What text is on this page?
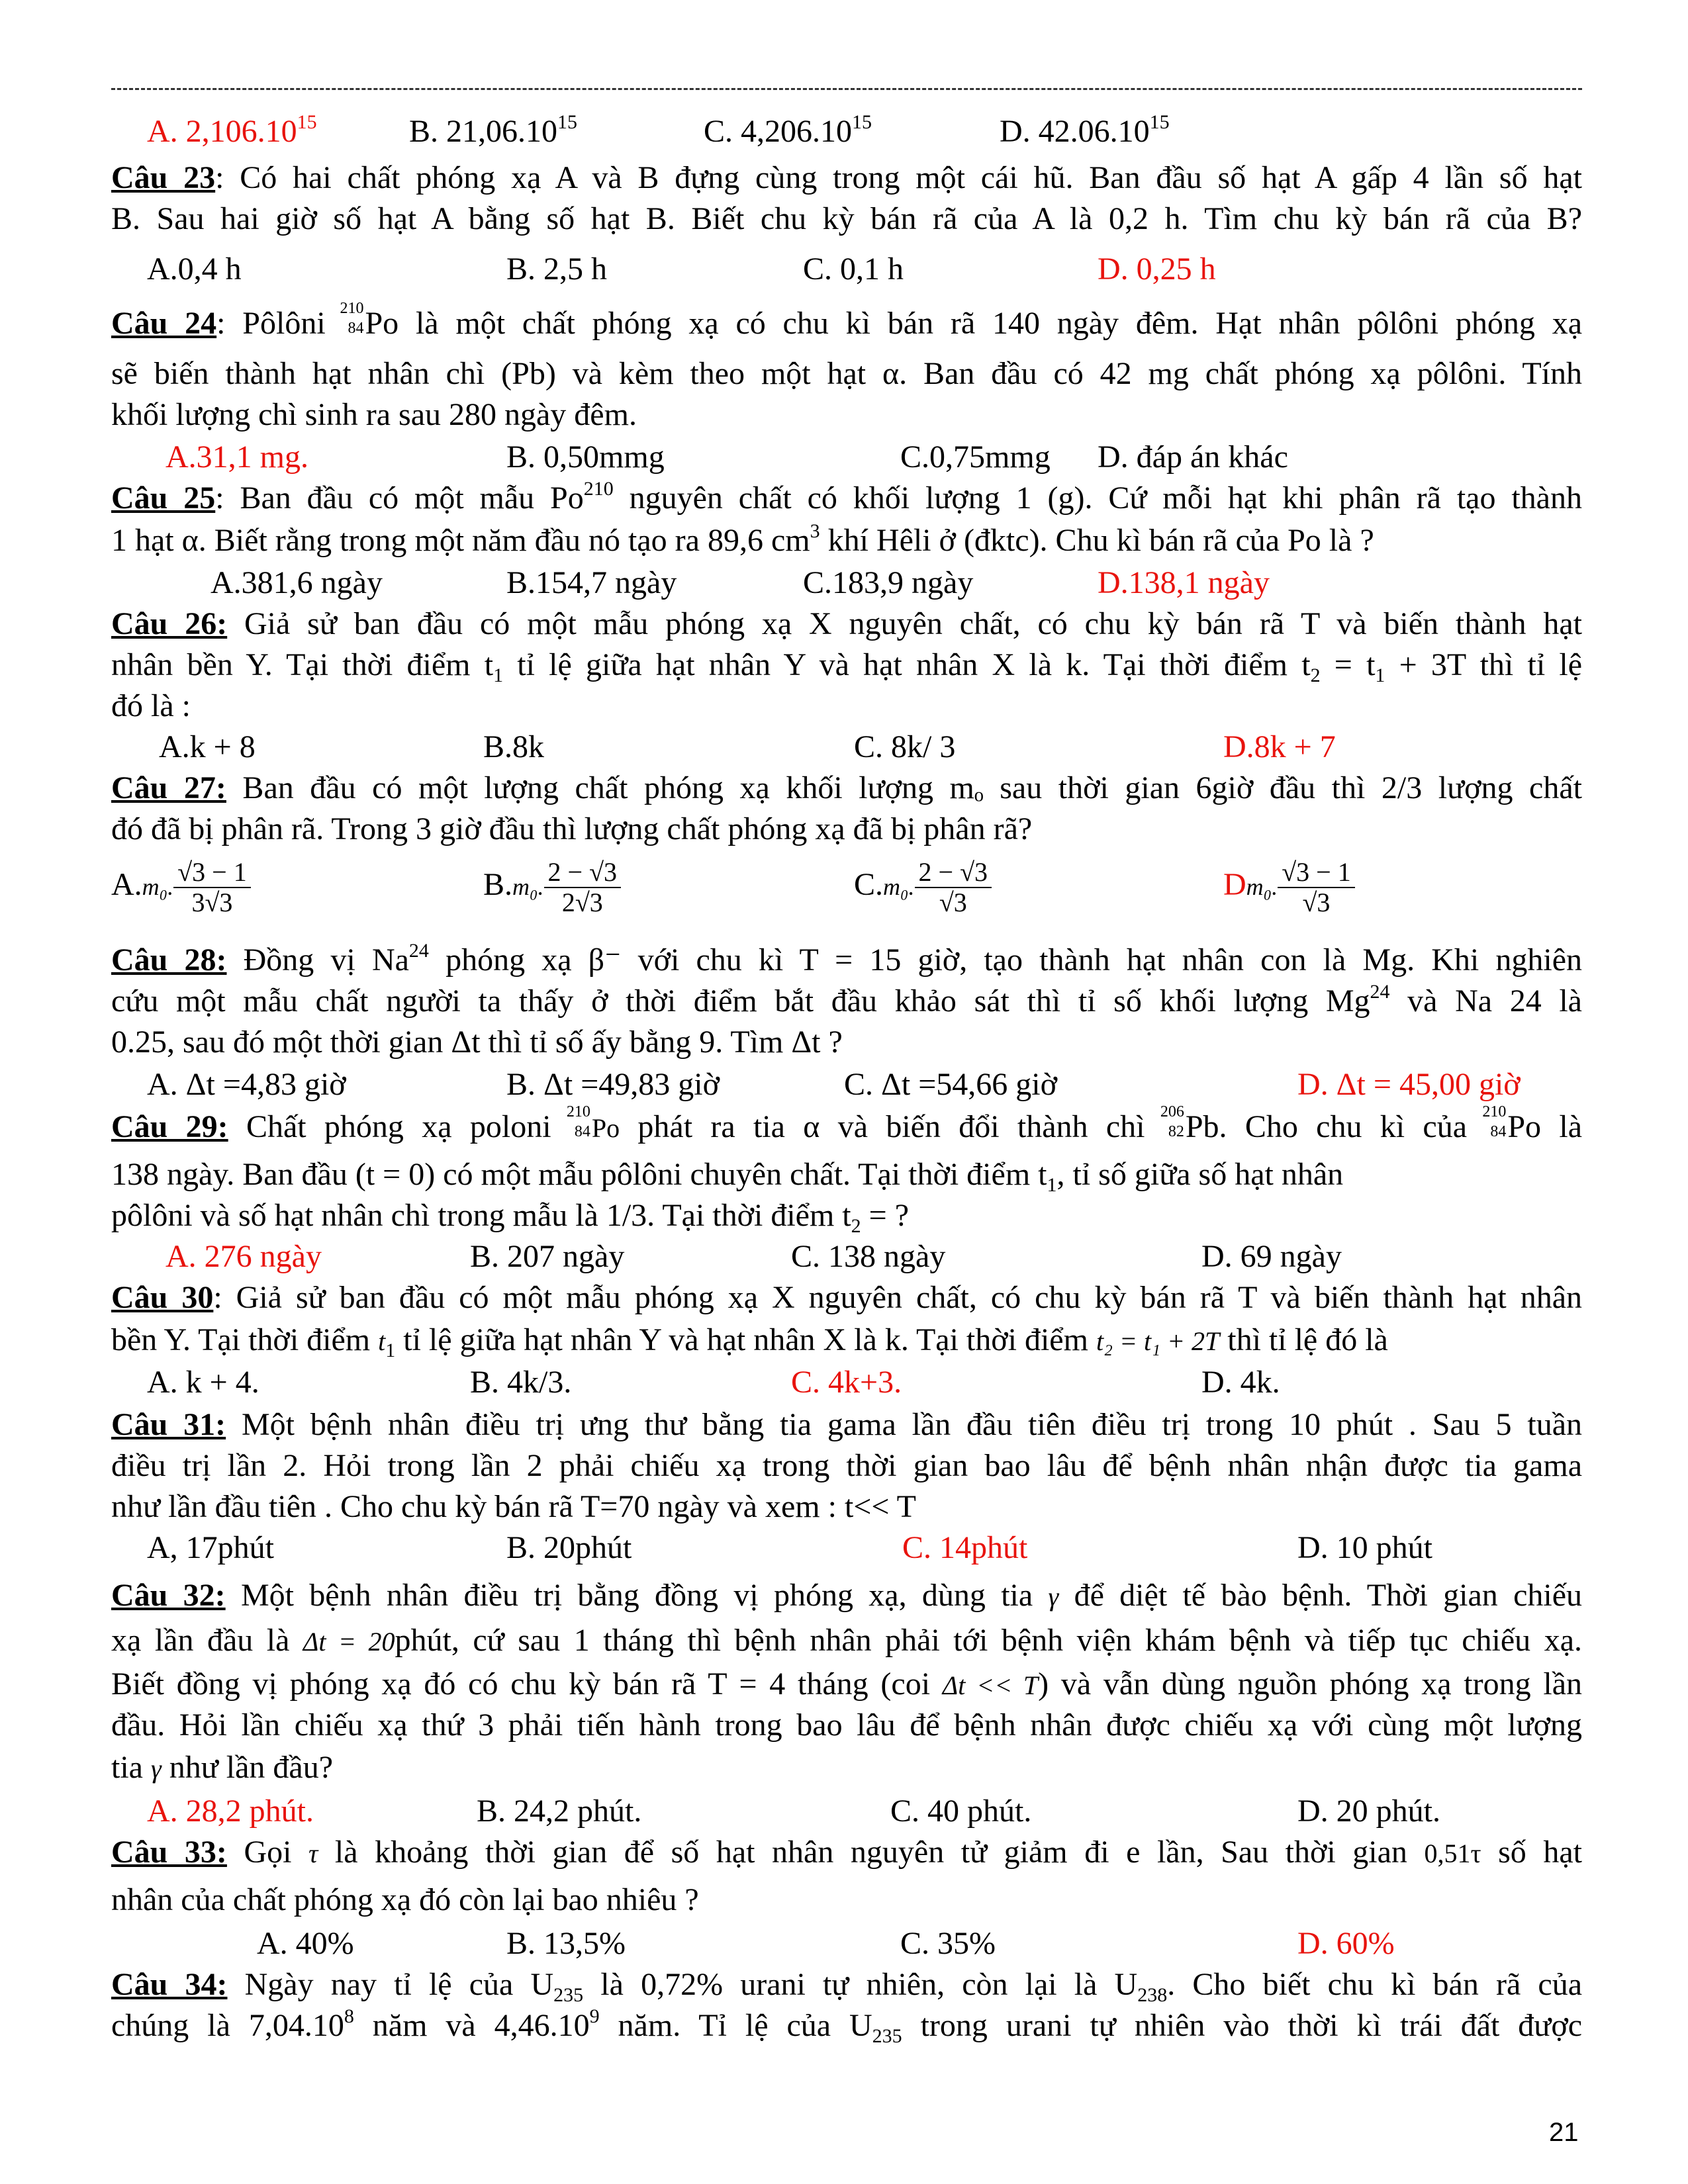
A. 2,106.10$^{15}$	B. 21,06.10$^{15}$	C. 4,206.10$^{15}$	D. 42.06.10$^{15}$
Câu 23: Có hai chất phóng xạ A và B đựng cùng trong một cái hũ. Ban đầu số hạt A gấp 4 lần số hạt
B. Sau hai giờ số hạt A bằng số hạt B. Biết chu kỳ bán rã của A là 0,2 h. Tìm chu kỳ bán rã của B?
A.0,4 h	B. 2,5 h	C. 0,1 h	D. 0,25 h
Câu 24: Pôlôni 210
84 Po là một chất phóng xạ có chu kì bán rã 140 ngày đêm. Hạt nhân pôlôni phóng xạ
sẽ biến thành hạt nhân chì (Pb) và kèm theo một hạt α. Ban đầu có 42 mg chất phóng xạ pôlôni. Tính
khối lượng chì sinh ra sau 280 ngày đêm.
A.31,1 mg.	B. 0,50mmg	C.0,75mmg D. đáp án khác
Câu 25: Ban đầu có một mẫu Po$^{210}$ nguyên chất có khối lượng 1 (g). Cứ mỗi hạt khi phân rã tạo thành
1 hạt α. Biết rằng trong một năm đầu nó tạo ra 89,6 $cm^3$ khí Hêli ở (đktc). Chu kì bán rã của Po là ?
A.381,6 ngày	B.154,7 ngày	C.183,9 ngày	D.138,1 ngày
Câu 26: Giả sử ban đầu có một mẫu phóng xạ X nguyên chất, có chu kỳ bán rã T và biến thành hạt
nhân bền Y. Tại thời điểm $t_1$ tỉ lệ giữa hạt nhân Y và hạt nhân X là k. Tại thời điểm $t_2 = t_1 + 3T$ thì tỉ lệ
đó là :
A.k + 8	B.8k	C. 8k/ 3	D.8k + 7
Câu 27: Ban đầu có một lượng chất phóng xạ khối lượng mₒ sau thời gian 6giờ đầu thì 2/3 lượng chất
đó đã bị phân rã. Trong 3 giờ đầu thì lượng chất phóng xạ đã bị phân rã?
A.m₀. $\frac{√3 - 1}{3√3}$	B.m₀. $\frac{2 - √3}{2√3}$	C.m₀. $\frac{2 - √3}{√3}$	Dm₀. $\frac{√3 - 1}{√3}$
Câu 28: Đồng vị Na$^{24}$ phóng xạ β⁻ với chu kì T = 15 giờ, tạo thành hạt nhân con là Mg. Khi nghiên
cứu một mẫu chất người ta thấy ở thời điểm bắt đầu khảo sát thì tỉ số khối lượng Mg$^{24}$ và Na 24 là
0.25, sau đó một thời gian Δt thì tỉ số ấy bằng 9. Tìm Δt ?
A. Δt =4,83 giờ	B. Δt =49,83 giờ	C. Δt =54,66 giờ	D. Δt = 45,00 giờ
Câu 29: Chất phóng xạ poloni
210
84 Po phát ra tia α và biến đổi thành chì
206
82 Pb. Cho chu kì của
210
84 Po là
138 ngày. Ban đầu (t = 0) có một mẫu pôlôni chuyên chất. Tại thời điểm $t_1$, tỉ số giữa số hạt nhân
pôlôni và số hạt nhân chì trong mẫu là 1/3. Tại thời điểm $t_2$ = ?
A. 276 ngày	B. 207 ngày	C. 138 ngày	D. 69 ngày
Câu 30: Giả sử ban đầu có một mẫu phóng xạ X nguyên chất, có chu kỳ bán rã T và biến thành hạt nhân
bền Y. Tại thời điểm $t_1$ tỉ lệ giữa hạt nhân Y và hạt nhân X là k. Tại thời điểm t₂ = t₁ + 2T thì tỉ lệ đó là
A. k + 4.	B. 4k/3.	C. 4k+3.	D. 4k.
Câu 31: Một bệnh nhân điều trị ưng thư bằng tia gama lần đầu tiên điều trị trong 10 phút . Sau 5 tuần
điều trị lần 2. Hỏi trong lần 2 phải chiếu xạ trong thời gian bao lâu để bệnh nhân nhận được tia gama
như lần đầu tiên . Cho chu kỳ bán rã T=70 ngày và xem : t<< T
A, 17phút	B. 20phút	C. 14phút	D. 10 phút
Câu 32: Một bệnh nhân điều trị bằng đồng vị phóng xạ, dùng tia γ để diệt tế bào bệnh. Thời gian chiếu
xạ lần đầu là Δt = 20phút, cứ sau 1 tháng thì bệnh nhân phải tới bệnh viện khám bệnh và tiếp tục chiếu xạ.
Biết đồng vị phóng xạ đó có chu kỳ bán rã T = 4 tháng (coi Δt << T) và vẫn dùng nguồn phóng xạ trong lần
đầu. Hỏi lần chiếu xạ thứ 3 phải tiến hành trong bao lâu để bệnh nhân được chiếu xạ với cùng một lượng
tia γ như lần đầu?
A. 28,2 phút.	B. 24,2 phút.	C. 40 phút.	D. 20 phút.
Câu 33: Gọi τ là khoảng thời gian để số hạt nhân nguyên tử giảm đi e lần, Sau thời gian 0,51τ số hạt
nhân của chất phóng xạ đó còn lại bao nhiêu ?
A. 40%	B. 13,5%	C. 35%	D. 60%
Câu 34: Ngày nay tỉ lệ của $U_{235}$ là 0,72% urani tự nhiên, còn lại là $U_{238}$. Cho biết chu kì bán rã của
chúng là 7,04.10$^8$ năm và 4,46.10$^9$ năm. Tỉ lệ của $U_{235}$ trong urani tự nhiên vào thời kì trái đất được
21
